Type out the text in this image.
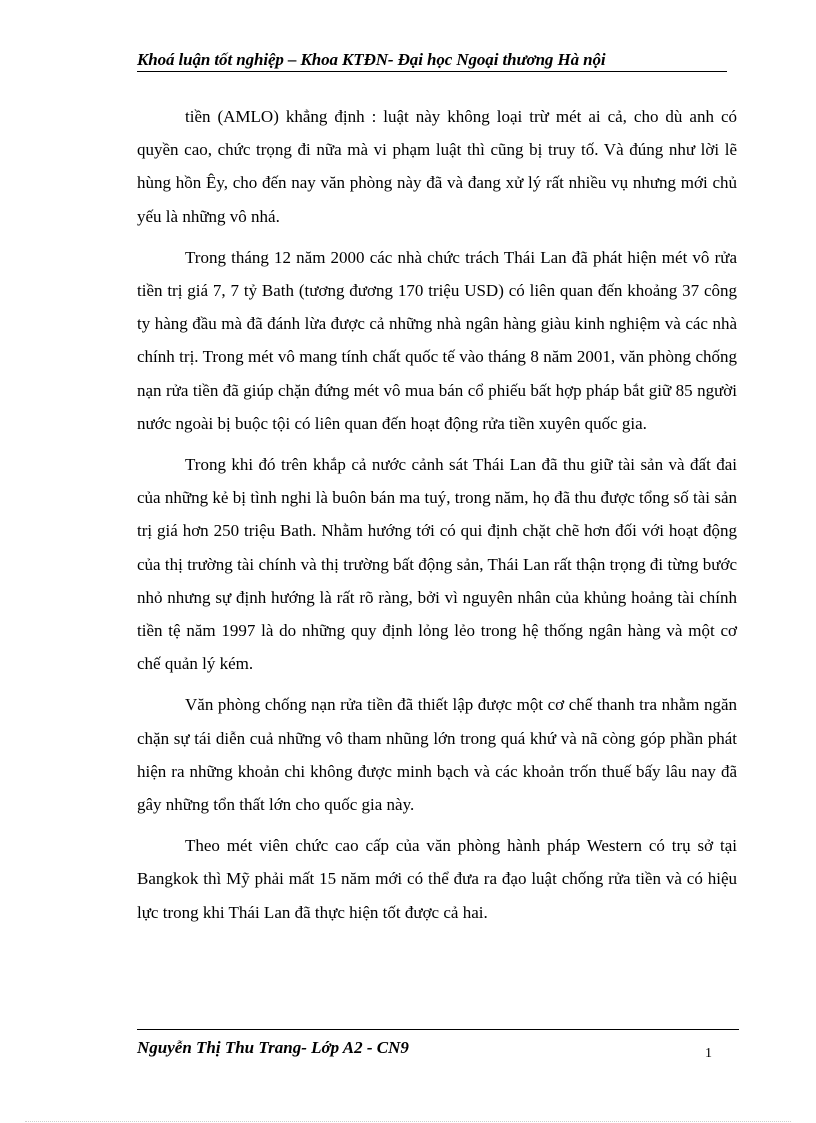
Khoá luận tốt nghiệp – Khoa KTĐN- Đại học Ngoại thương Hà nội

tiền (AMLO) khẳng định : luật này không loại trừ mét ai cả, cho dù anh có quyền cao, chức trọng đi nữa mà vi phạm luật thì cũng bị truy tố. Và đúng như lời lẽ hùng hồn Êy, cho đến nay văn phòng này đã và đang xử lý rất nhiều vụ nhưng mới chủ yếu là những vô nhá.

Trong tháng 12 năm 2000 các nhà chức trách Thái Lan đã phát hiện mét vô rửa tiền trị giá 7, 7 tỷ Bath (tương đương 170 triệu USD) có liên quan đến khoảng 37 công ty hàng đầu mà đã đánh lừa được cả những nhà ngân hàng giàu kinh nghiệm và các nhà chính trị. Trong mét vô mang tính chất quốc tế vào tháng 8 năm 2001, văn phòng chống nạn rửa tiền đã giúp chặn đứng mét vô mua bán cổ phiếu bất hợp pháp bắt giữ 85 người nước ngoài bị buộc tội có liên quan đến hoạt động rửa tiền xuyên quốc gia.

Trong khi đó trên khắp cả nước cảnh sát Thái Lan đã thu giữ tài sản và đất đai của những kẻ bị tình nghi là buôn bán ma tuý, trong năm, họ đã thu được tổng số tài sản trị giá hơn 250 triệu Bath. Nhằm hướng tới có qui định chặt chẽ hơn đối với hoạt động của thị trường tài chính và thị trường bất động sản, Thái Lan rất thận trọng đi từng bước nhỏ nhưng sự định hướng là rất rõ ràng, bởi vì nguyên nhân của khủng hoảng tài chính tiền tệ năm 1997 là do những quy định lỏng lẻo trong hệ thống ngân hàng và một cơ chế quản lý kém.

Văn phòng chống nạn rửa tiền đã thiết lập được một cơ chế thanh tra nhằm ngăn chặn sự tái diễn cuả những vô tham nhũng lớn trong quá khứ và nã còng góp phần phát hiện ra những khoản chi không được minh bạch và các khoản trốn thuế bấy lâu nay đã gây những tổn thất lớn cho quốc gia này.

Theo mét viên chức cao cấp của văn phòng hành pháp Western có trụ sở tại Bangkok thì Mỹ phải mất 15 năm mới có thể đưa ra đạo luật chống rửa tiền và có hiệu lực trong khi Thái Lan đã thực hiện tốt được cả hai.

Nguyễn Thị Thu Trang- Lớp A2 - CN9	1
